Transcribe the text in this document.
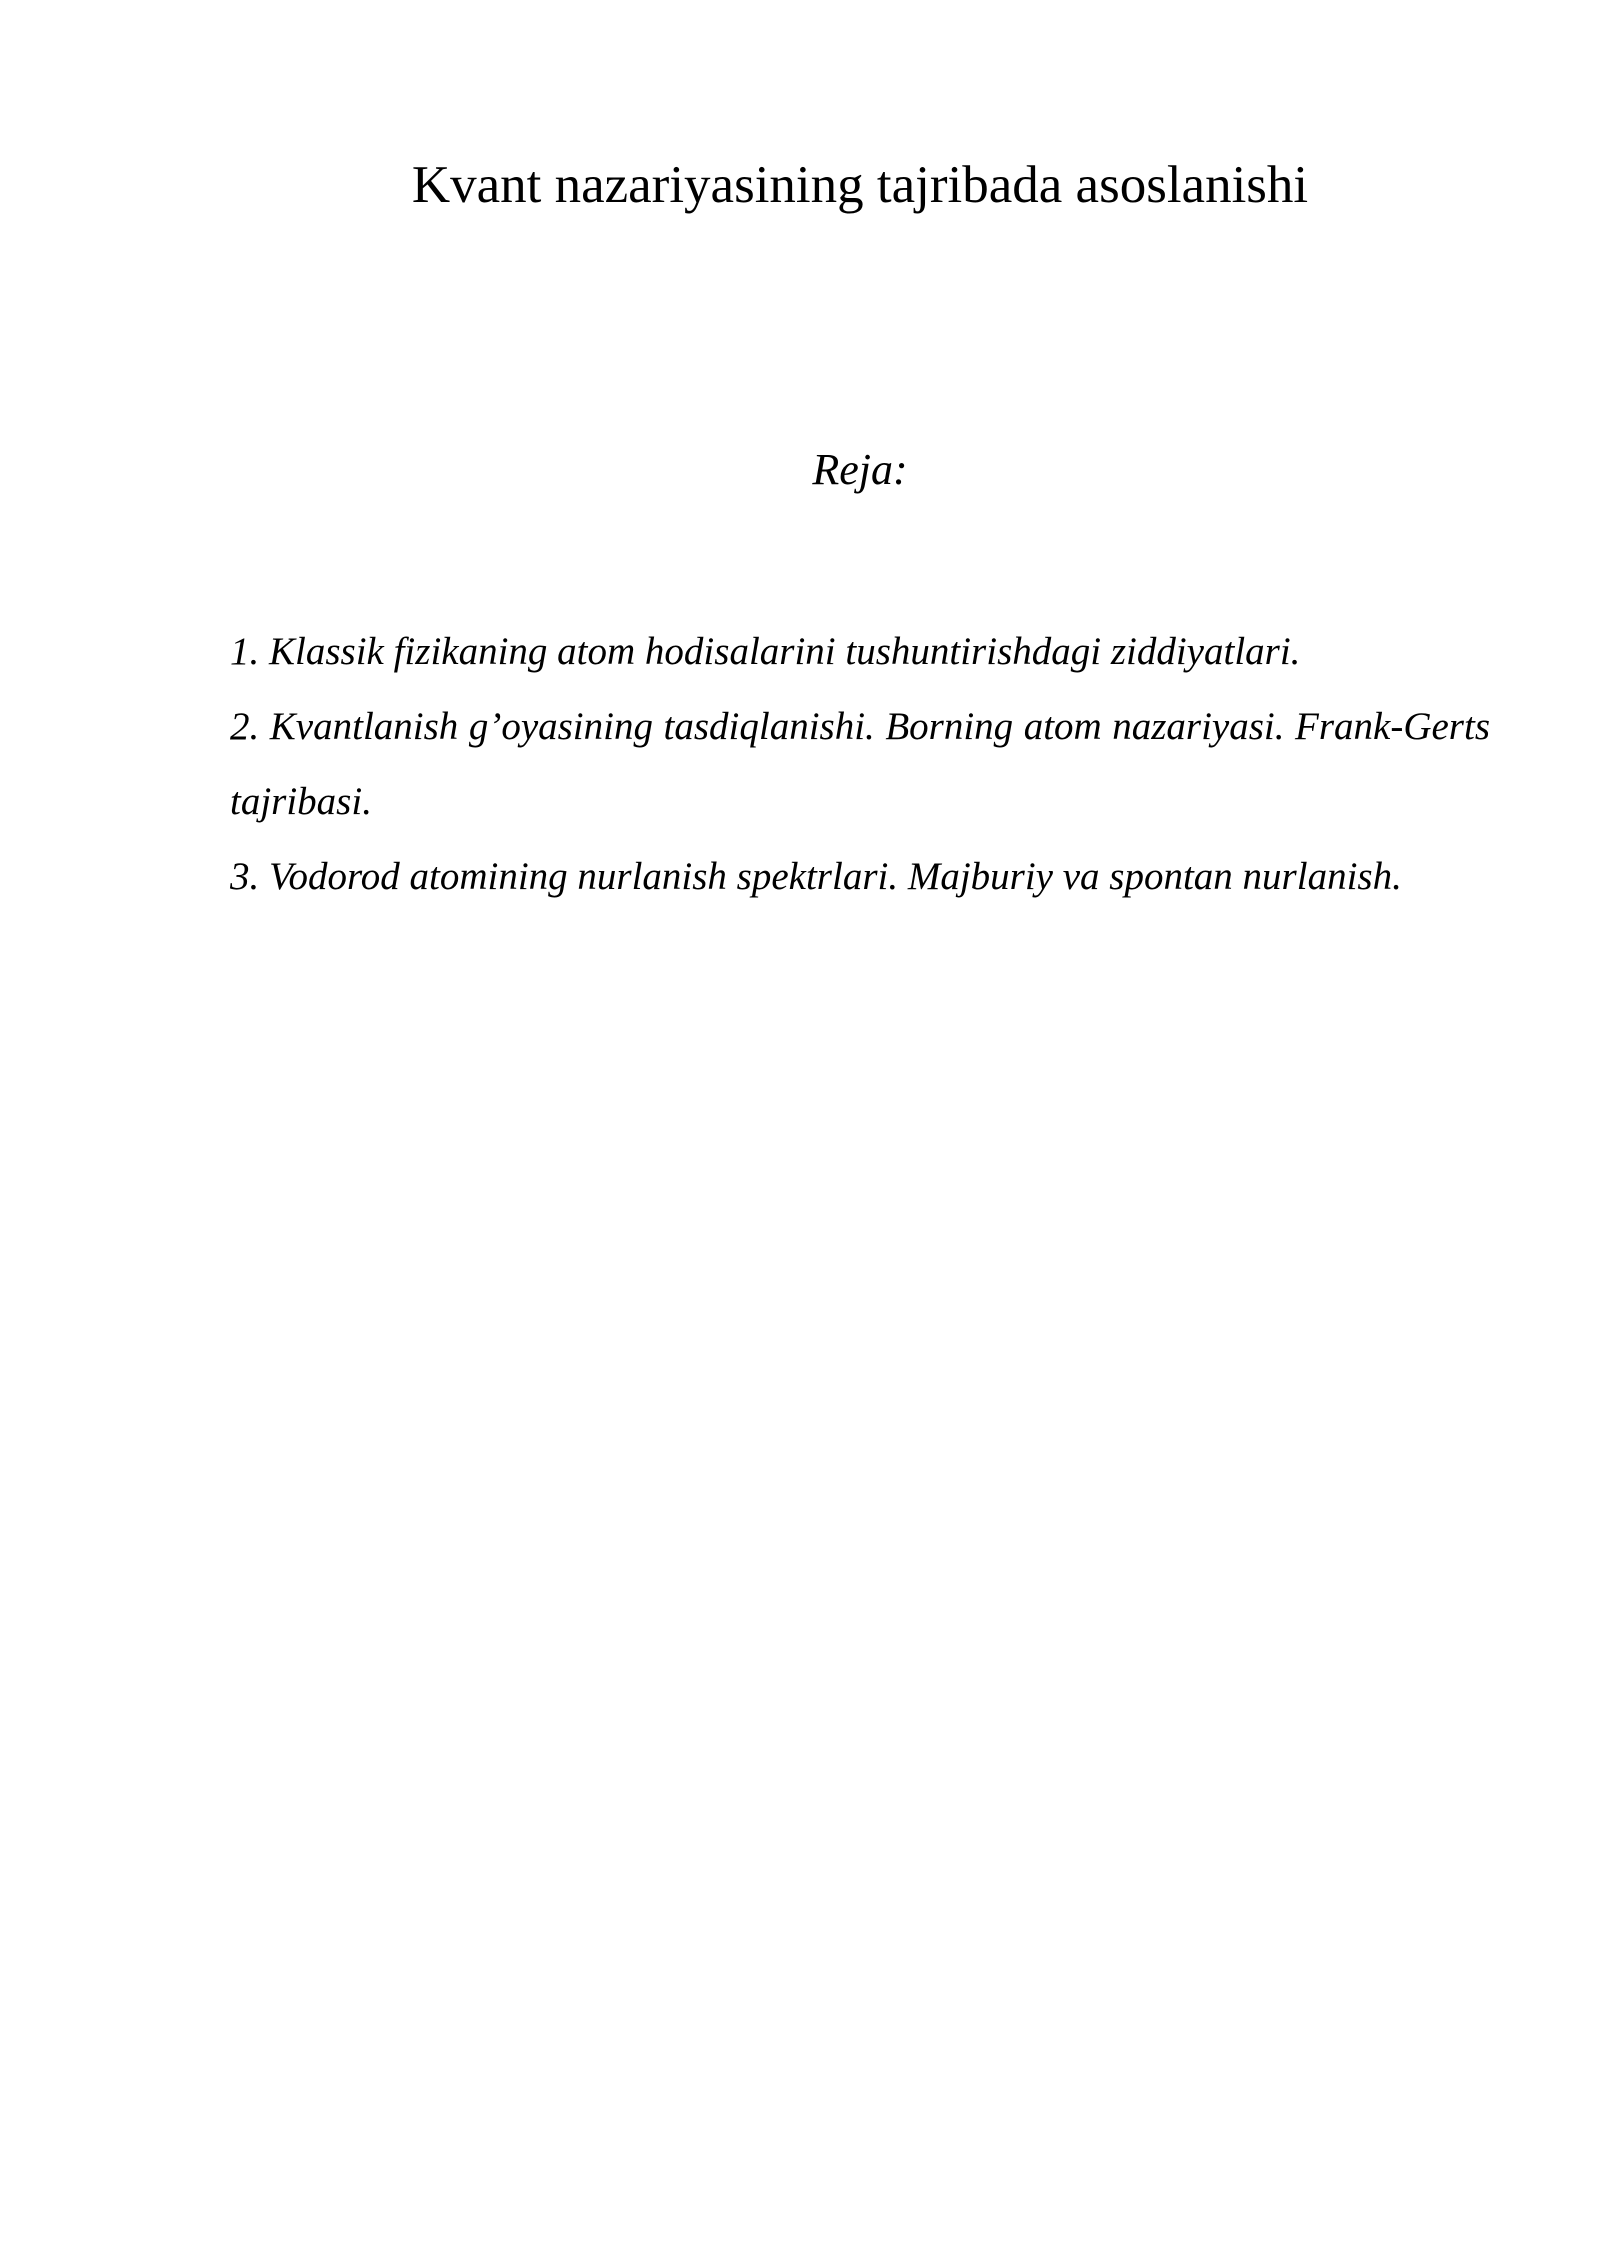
Kvant nazariyasining tajribada asoslanishi
Reja:
1. Klassik fizikaning atom hodisalarini tushuntirishdagi ziddiyatlari.
2. Kvantlanish g’oyasining tasdiqlanishi. Borning atom nazariyasi. Frank-Gerts tajribasi.
3. Vodorod atomining nurlanish spektrlari. Majburiy va spontan nurlanish.
